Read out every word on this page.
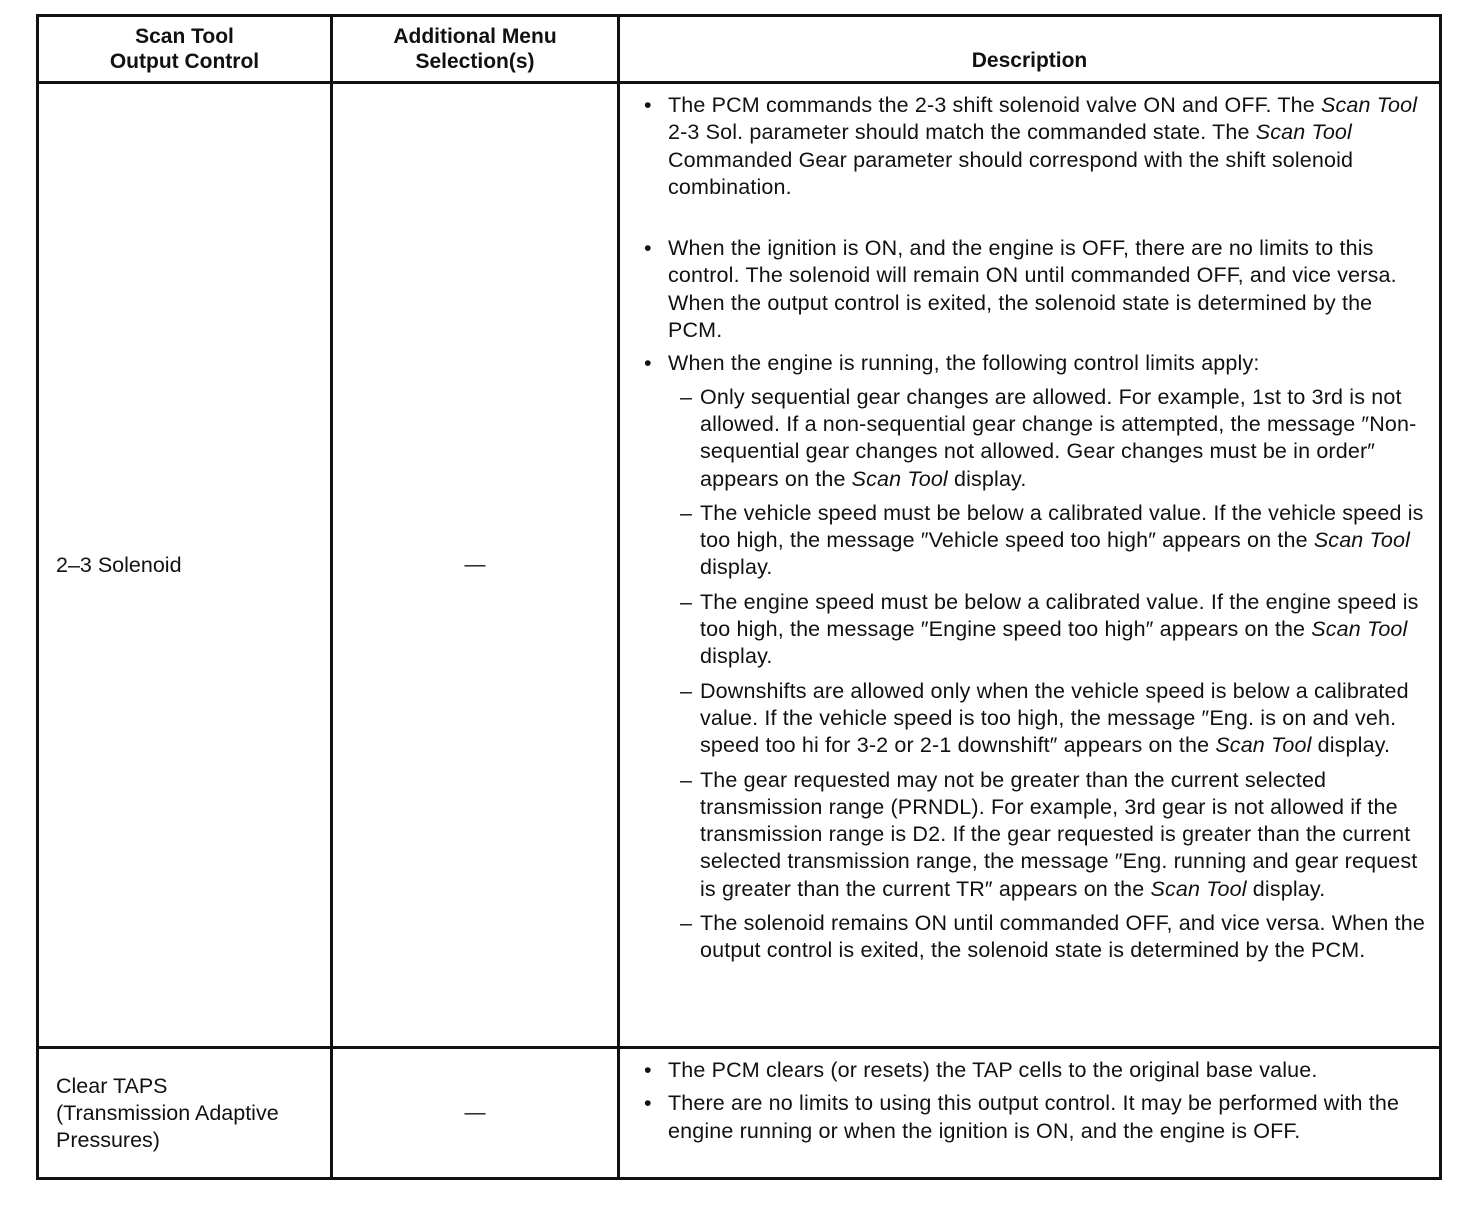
Scan Tool
Output Control
Additional Menu
Selection(s)	Description
2–3 Solenoid	—
• The PCM commands the 2-3 shift solenoid valve ON and OFF. The Scan Tool 2-3 Sol. parameter should match the commanded state. The Scan Tool Commanded Gear parameter should correspond with the shift solenoid combination.
• When the ignition is ON, and the engine is OFF, there are no limits to this control. The solenoid will remain ON until commanded OFF, and vice versa. When the output control is exited, the solenoid state is determined by the PCM.
• When the engine is running, the following control limits apply:
– Only sequential gear changes are allowed. For example, 1st to 3rd is not allowed. If a non-sequential gear change is attempted, the message ″Non-sequential gear changes not allowed. Gear changes must be in order″ appears on the Scan Tool display.
– The vehicle speed must be below a calibrated value. If the vehicle speed is too high, the message ″Vehicle speed too high″ appears on the Scan Tool display.
– The engine speed must be below a calibrated value. If the engine speed is too high, the message ″Engine speed too high″ appears on the Scan Tool display.
– Downshifts are allowed only when the vehicle speed is below a calibrated value. If the vehicle speed is too high, the message ″Eng. is on and veh. speed too hi for 3-2 or 2-1 downshift″ appears on the Scan Tool display.
– The gear requested may not be greater than the current selected transmission range (PRNDL). For example, 3rd gear is not allowed if the transmission range is D2. If the gear requested is greater than the current selected transmission range, the message ″Eng. running and gear request is greater than the current TR″ appears on the Scan Tool display.
– The solenoid remains ON until commanded OFF, and vice versa. When the output control is exited, the solenoid state is determined by the PCM.
Clear TAPS
(Transmission Adaptive
Pressures)
—
• The PCM clears (or resets) the TAP cells to the original base value.
• There are no limits to using this output control. It may be performed with the engine running or when the ignition is ON, and the engine is OFF.
